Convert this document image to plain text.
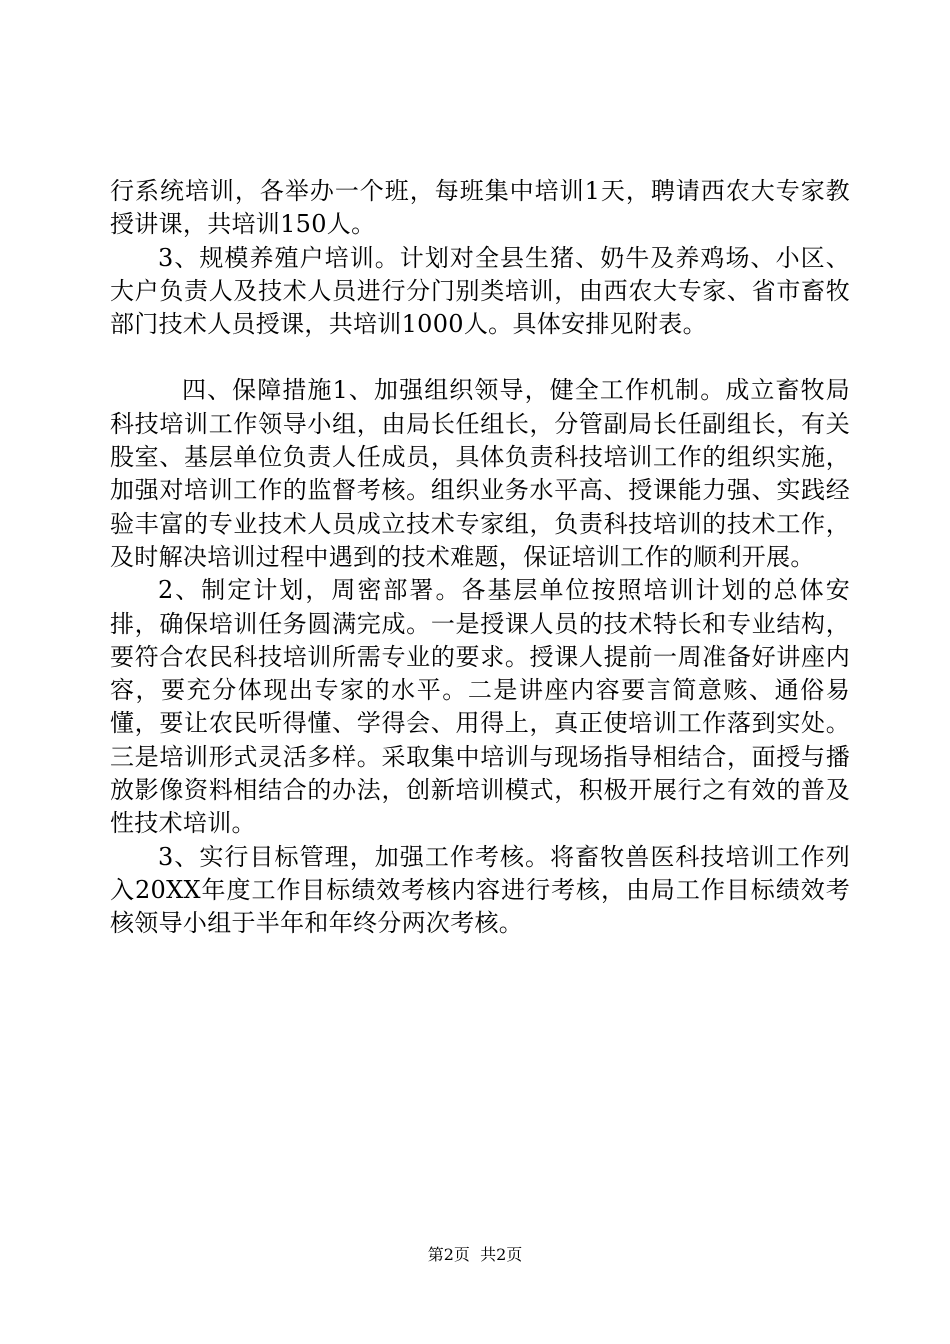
行系统培训，各举办一个班，每班集中培训1天，聘请西农大专家教授讲课，共培训150人。

3、规模养殖户培训。计划对全县生猪、奶牛及养鸡场、小区、大户负责人及技术人员进行分门别类培训，由西农大专家、省市畜牧部门技术人员授课，共培训1000人。具体安排见附表。

四、保障措施1、加强组织领导，健全工作机制。成立畜牧局科技培训工作领导小组，由局长任组长，分管副局长任副组长，有关股室、基层单位负责人任成员，具体负责科技培训工作的组织实施，加强对培训工作的监督考核。组织业务水平高、授课能力强、实践经验丰富的专业技术人员成立技术专家组，负责科技培训的技术工作，及时解决培训过程中遇到的技术难题，保证培训工作的顺利开展。

2、制定计划，周密部署。各基层单位按照培训计划的总体安排，确保培训任务圆满完成。一是授课人员的技术特长和专业结构，要符合农民科技培训所需专业的要求。授课人提前一周准备好讲座内容，要充分体现出专家的水平。二是讲座内容要言简意赅、通俗易懂，要让农民听得懂、学得会、用得上，真正使培训工作落到实处。三是培训形式灵活多样。采取集中培训与现场指导相结合，面授与播放影像资料相结合的办法，创新培训模式，积极开展行之有效的普及性技术培训。

3、实行目标管理，加强工作考核。将畜牧兽医科技培训工作列入20XX年度工作目标绩效考核内容进行考核，由局工作目标绩效考核领导小组于半年和年终分两次考核。

第2页 共2页
